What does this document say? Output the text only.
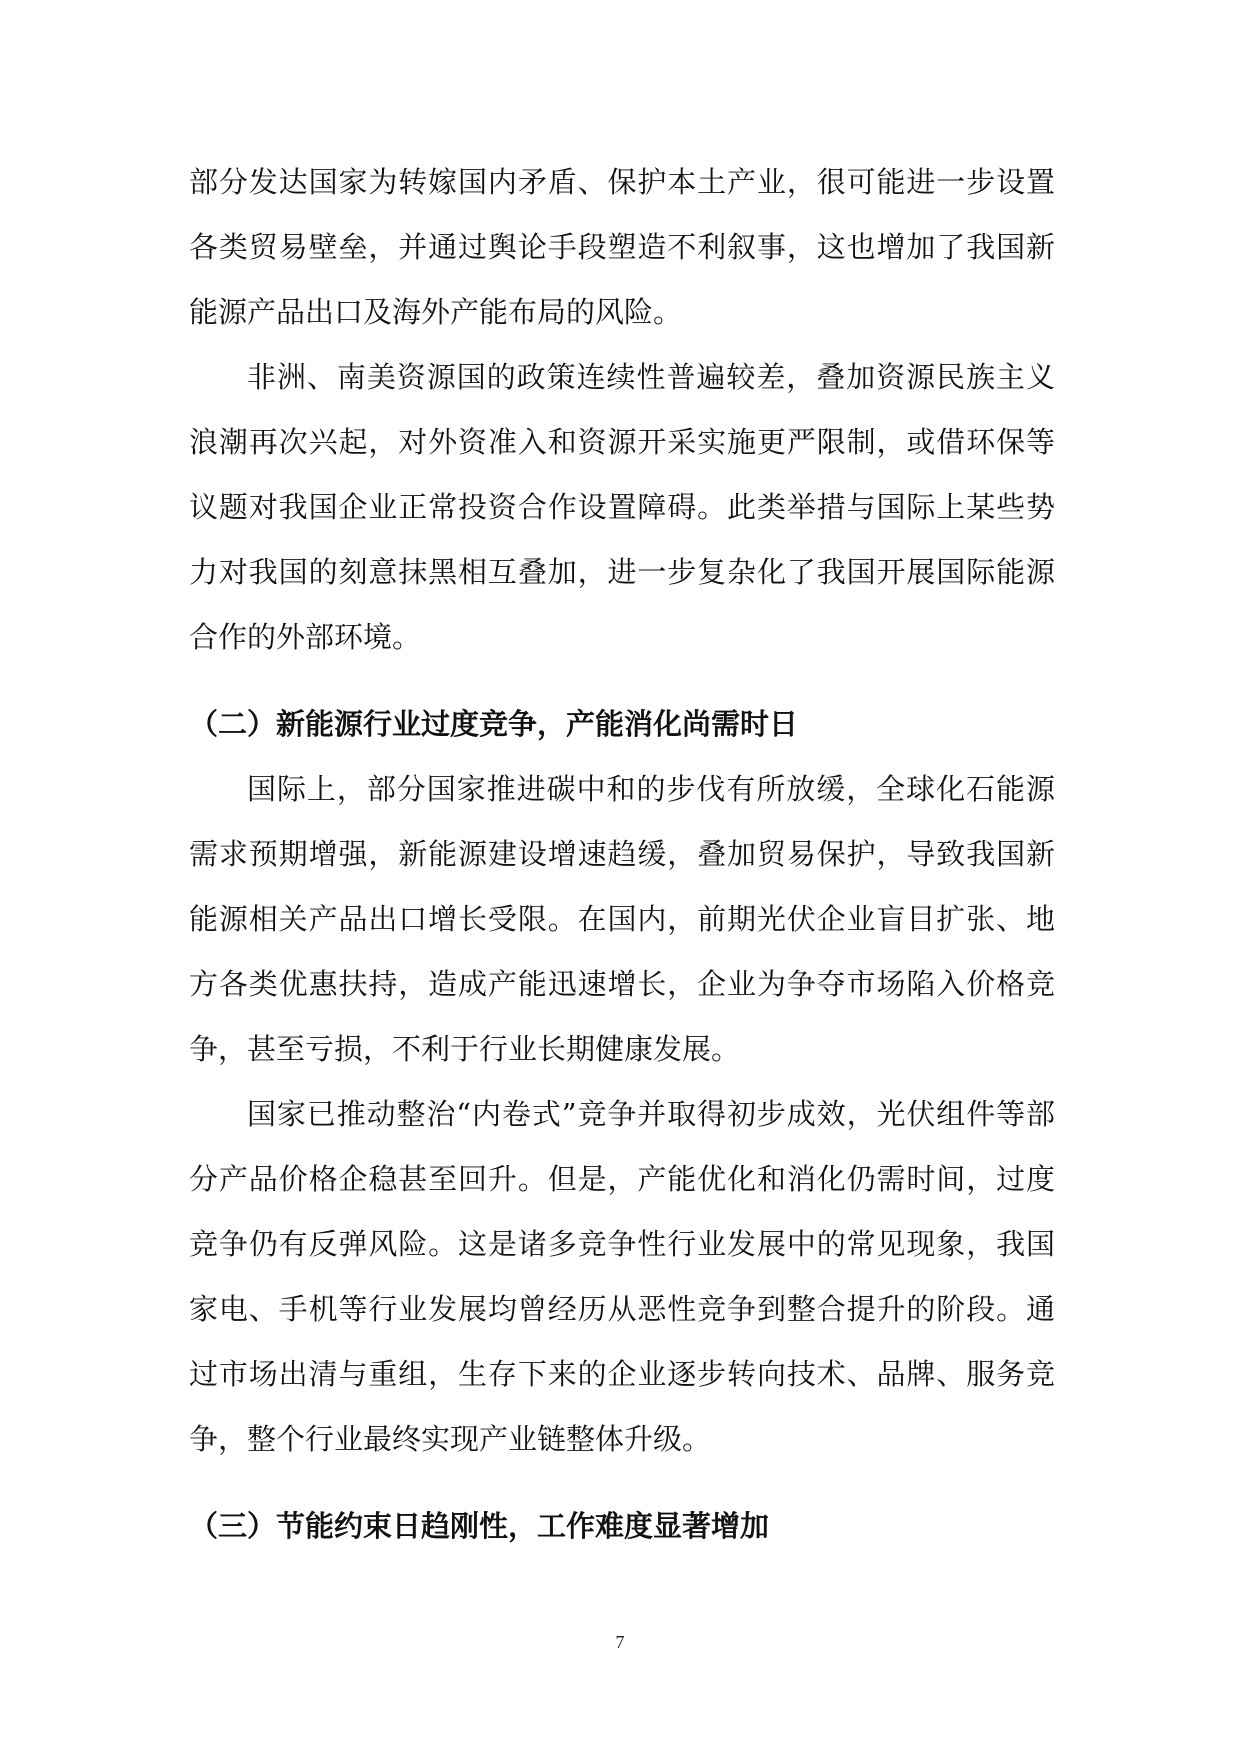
部分发达国家为转嫁国内矛盾、保护本土产业，很可能进一步设置各类贸易壁垒，并通过舆论手段塑造不利叙事，这也增加了我国新能源产品出口及海外产能布局的风险。

非洲、南美资源国的政策连续性普遍较差，叠加资源民族主义浪潮再次兴起，对外资准入和资源开采实施更严限制，或借环保等议题对我国企业正常投资合作设置障碍。此类举措与国际上某些势力对我国的刻意抹黑相互叠加，进一步复杂化了我国开展国际能源合作的外部环境。

（二）新能源行业过度竞争，产能消化尚需时日

国际上，部分国家推进碳中和的步伐有所放缓，全球化石能源需求预期增强，新能源建设增速趋缓，叠加贸易保护，导致我国新能源相关产品出口增长受限。在国内，前期光伏企业盲目扩张、地方各类优惠扶持，造成产能迅速增长，企业为争夺市场陷入价格竞争，甚至亏损，不利于行业长期健康发展。

国家已推动整治“内卷式”竞争并取得初步成效，光伏组件等部分产品价格企稳甚至回升。但是，产能优化和消化仍需时间，过度竞争仍有反弹风险。这是诸多竞争性行业发展中的常见现象，我国家电、手机等行业发展均曾经历从恶性竞争到整合提升的阶段。通过市场出清与重组，生存下来的企业逐步转向技术、品牌、服务竞争，整个行业最终实现产业链整体升级。

（三）节能约束日趋刚性，工作难度显著增加
7
